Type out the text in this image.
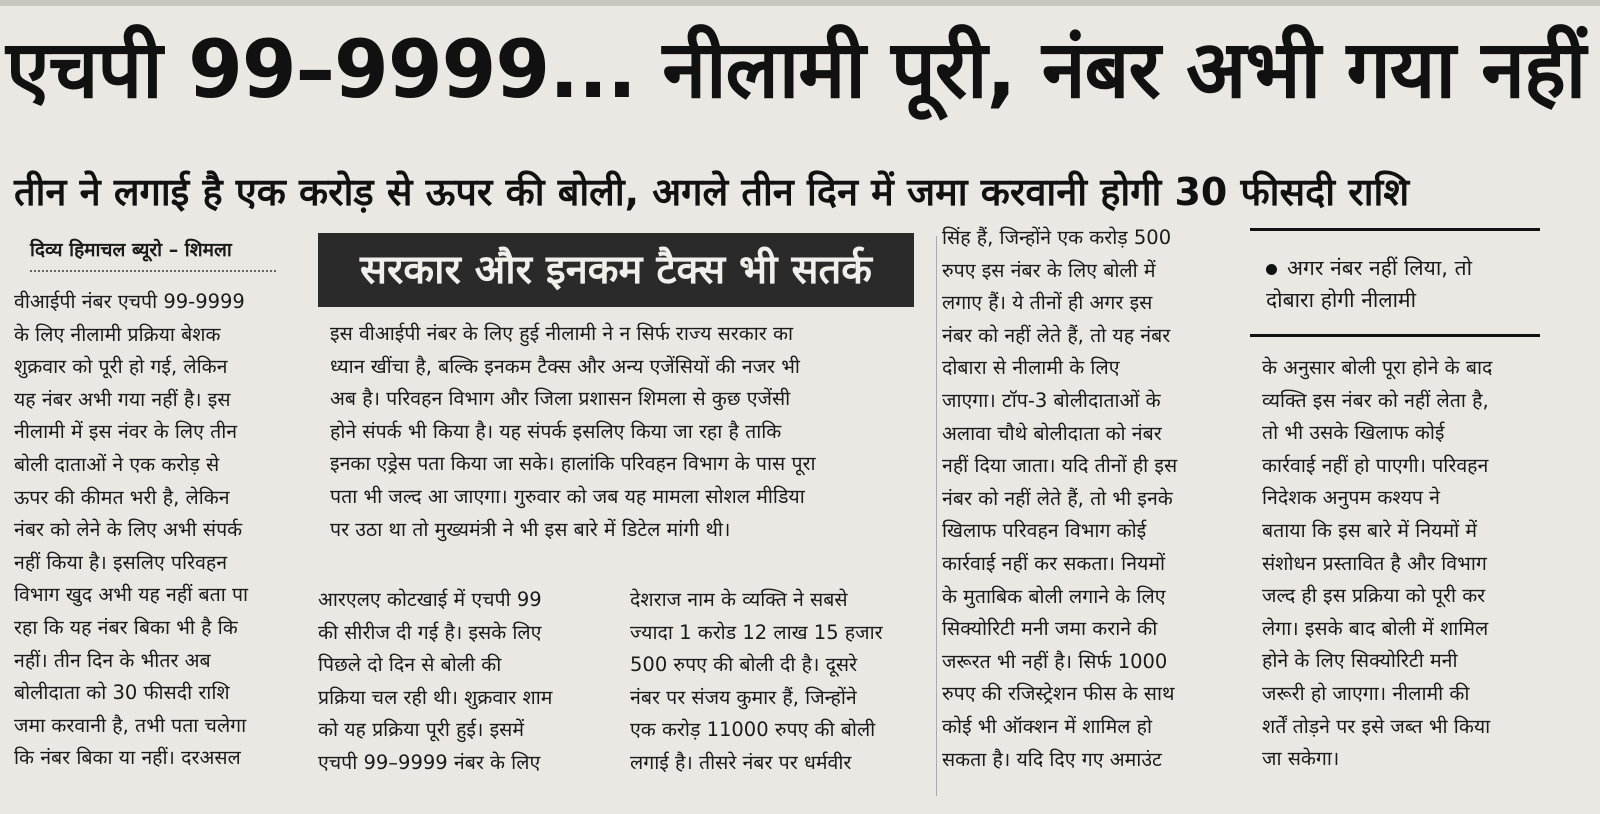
एचपी 99–9999... नीलामी पूरी, नंबर अभी गया नहीं
तीन ने लगाई है एक करोड़ से ऊपर की बोली, अगले तीन दिन में जमा करवानी होगी 30 फीसदी राशि
दिव्य हिमाचल ब्यूरो – शिमला
वीआईपी नंबर एचपी 99-9999
के लिए नीलामी प्रक्रिया बेशक
शुक्रवार को पूरी हो गई, लेकिन
यह नंबर अभी गया नहीं है। इस
नीलामी में इस नंवर के लिए तीन
बोली दाताओं ने एक करोड़ से
ऊपर की कीमत भरी है, लेकिन
नंबर को लेने के लिए अभी संपर्क
नहीं किया है। इसलिए परिवहन
विभाग खुद अभी यह नहीं बता पा
रहा कि यह नंबर बिका भी है कि
नहीं। तीन दिन के भीतर अब
बोलीदाता को 30 फीसदी राशि
जमा करवानी है, तभी पता चलेगा
कि नंबर बिका या नहीं। दरअसल
सरकार और इनकम टैक्स भी सतर्क
इस वीआईपी नंबर के लिए हुई नीलामी ने न सिर्फ राज्य सरकार का
ध्यान खींचा है, बल्कि इनकम टैक्स और अन्य एजेंसियों की नजर भी
अब है। परिवहन विभाग और जिला प्रशासन शिमला से कुछ एजेंसी
होने संपर्क भी किया है। यह संपर्क इसलिए किया जा रहा है ताकि
इनका एड्रेस पता किया जा सके। हालांकि परिवहन विभाग के पास पूरा
पता भी जल्द आ जाएगा। गुरुवार को जब यह मामला सोशल मीडिया
पर उठा था तो मुख्यमंत्री ने भी इस बारे में डिटेल मांगी थी।
आरएलए कोटखाई में एचपी 99
की सीरीज दी गई है। इसके लिए
पिछले दो दिन से बोली की
प्रक्रिया चल रही थी। शुक्रवार शाम
को यह प्रक्रिया पूरी हुई। इसमें
एचपी 99–9999 नंबर के लिए
देशराज नाम के व्यक्ति ने सबसे
ज्यादा 1 करोड 12 लाख 15 हजार
500 रुपए की बोली दी है। दूसरे
नंबर पर संजय कुमार हैं, जिन्होंने
एक करोड़ 11000 रुपए की बोली
लगाई है। तीसरे नंबर पर धर्मवीर
सिंह हैं, जिन्होंने एक करोड़ 500
रुपए इस नंबर के लिए बोली में
लगाए हैं। ये तीनों ही अगर इस
नंबर को नहीं लेते हैं, तो यह नंबर
दोबारा से नीलामी के लिए
जाएगा। टॉप-3 बोलीदाताओं के
अलावा चौथे बोलीदाता को नंबर
नहीं दिया जाता। यदि तीनों ही इस
नंबर को नहीं लेते हैं, तो भी इनके
खिलाफ परिवहन विभाग कोई
कार्रवाई नहीं कर सकता। नियमों
के मुताबिक बोली लगाने के लिए
सिक्योरिटी मनी जमा कराने की
जरूरत भी नहीं है। सिर्फ 1000
रुपए की रजिस्ट्रेशन फीस के साथ
कोई भी ऑक्शन में शामिल हो
सकता है। यदि दिए गए अमाउंट
अगर नंबर नहीं लिया, तो
दोबारा होगी नीलामी
के अनुसार बोली पूरा होने के बाद
व्यक्ति इस नंबर को नहीं लेता है,
तो भी उसके खिलाफ कोई
कार्रवाई नहीं हो पाएगी। परिवहन
निदेशक अनुपम कश्यप ने
बताया कि इस बारे में नियमों में
संशोधन प्रस्तावित है और विभाग
जल्द ही इस प्रक्रिया को पूरी कर
लेगा। इसके बाद बोली में शामिल
होने के लिए सिक्योरिटी मनी
जरूरी हो जाएगा। नीलामी की
शर्तें तोड़ने पर इसे जब्त भी किया
जा सकेगा।
